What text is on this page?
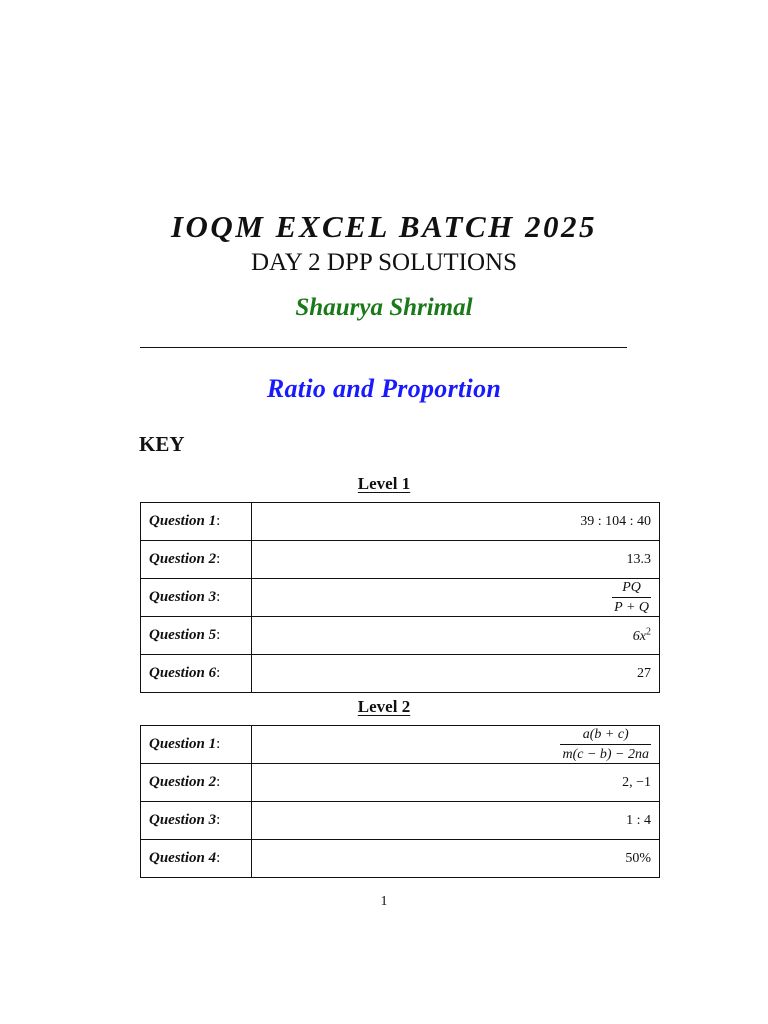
IOQM EXCEL BATCH 2025
DAY 2 DPP SOLUTIONS
Shaurya Shrimal
Ratio and Proportion
KEY
Level 1
Question 1:	39 : 104 : 40
Question 2:	13.3
Question 3:	$\frac{PQ}{P + Q}$

Question 5:	$6x^2$
Question 6:	27
Level 2
Question 1:	$\frac{a(b + c)}{m(c - b) - 2na}$

Question 2:	2, −1
Question 3:	1 : 4
Question 4:	50%
1
